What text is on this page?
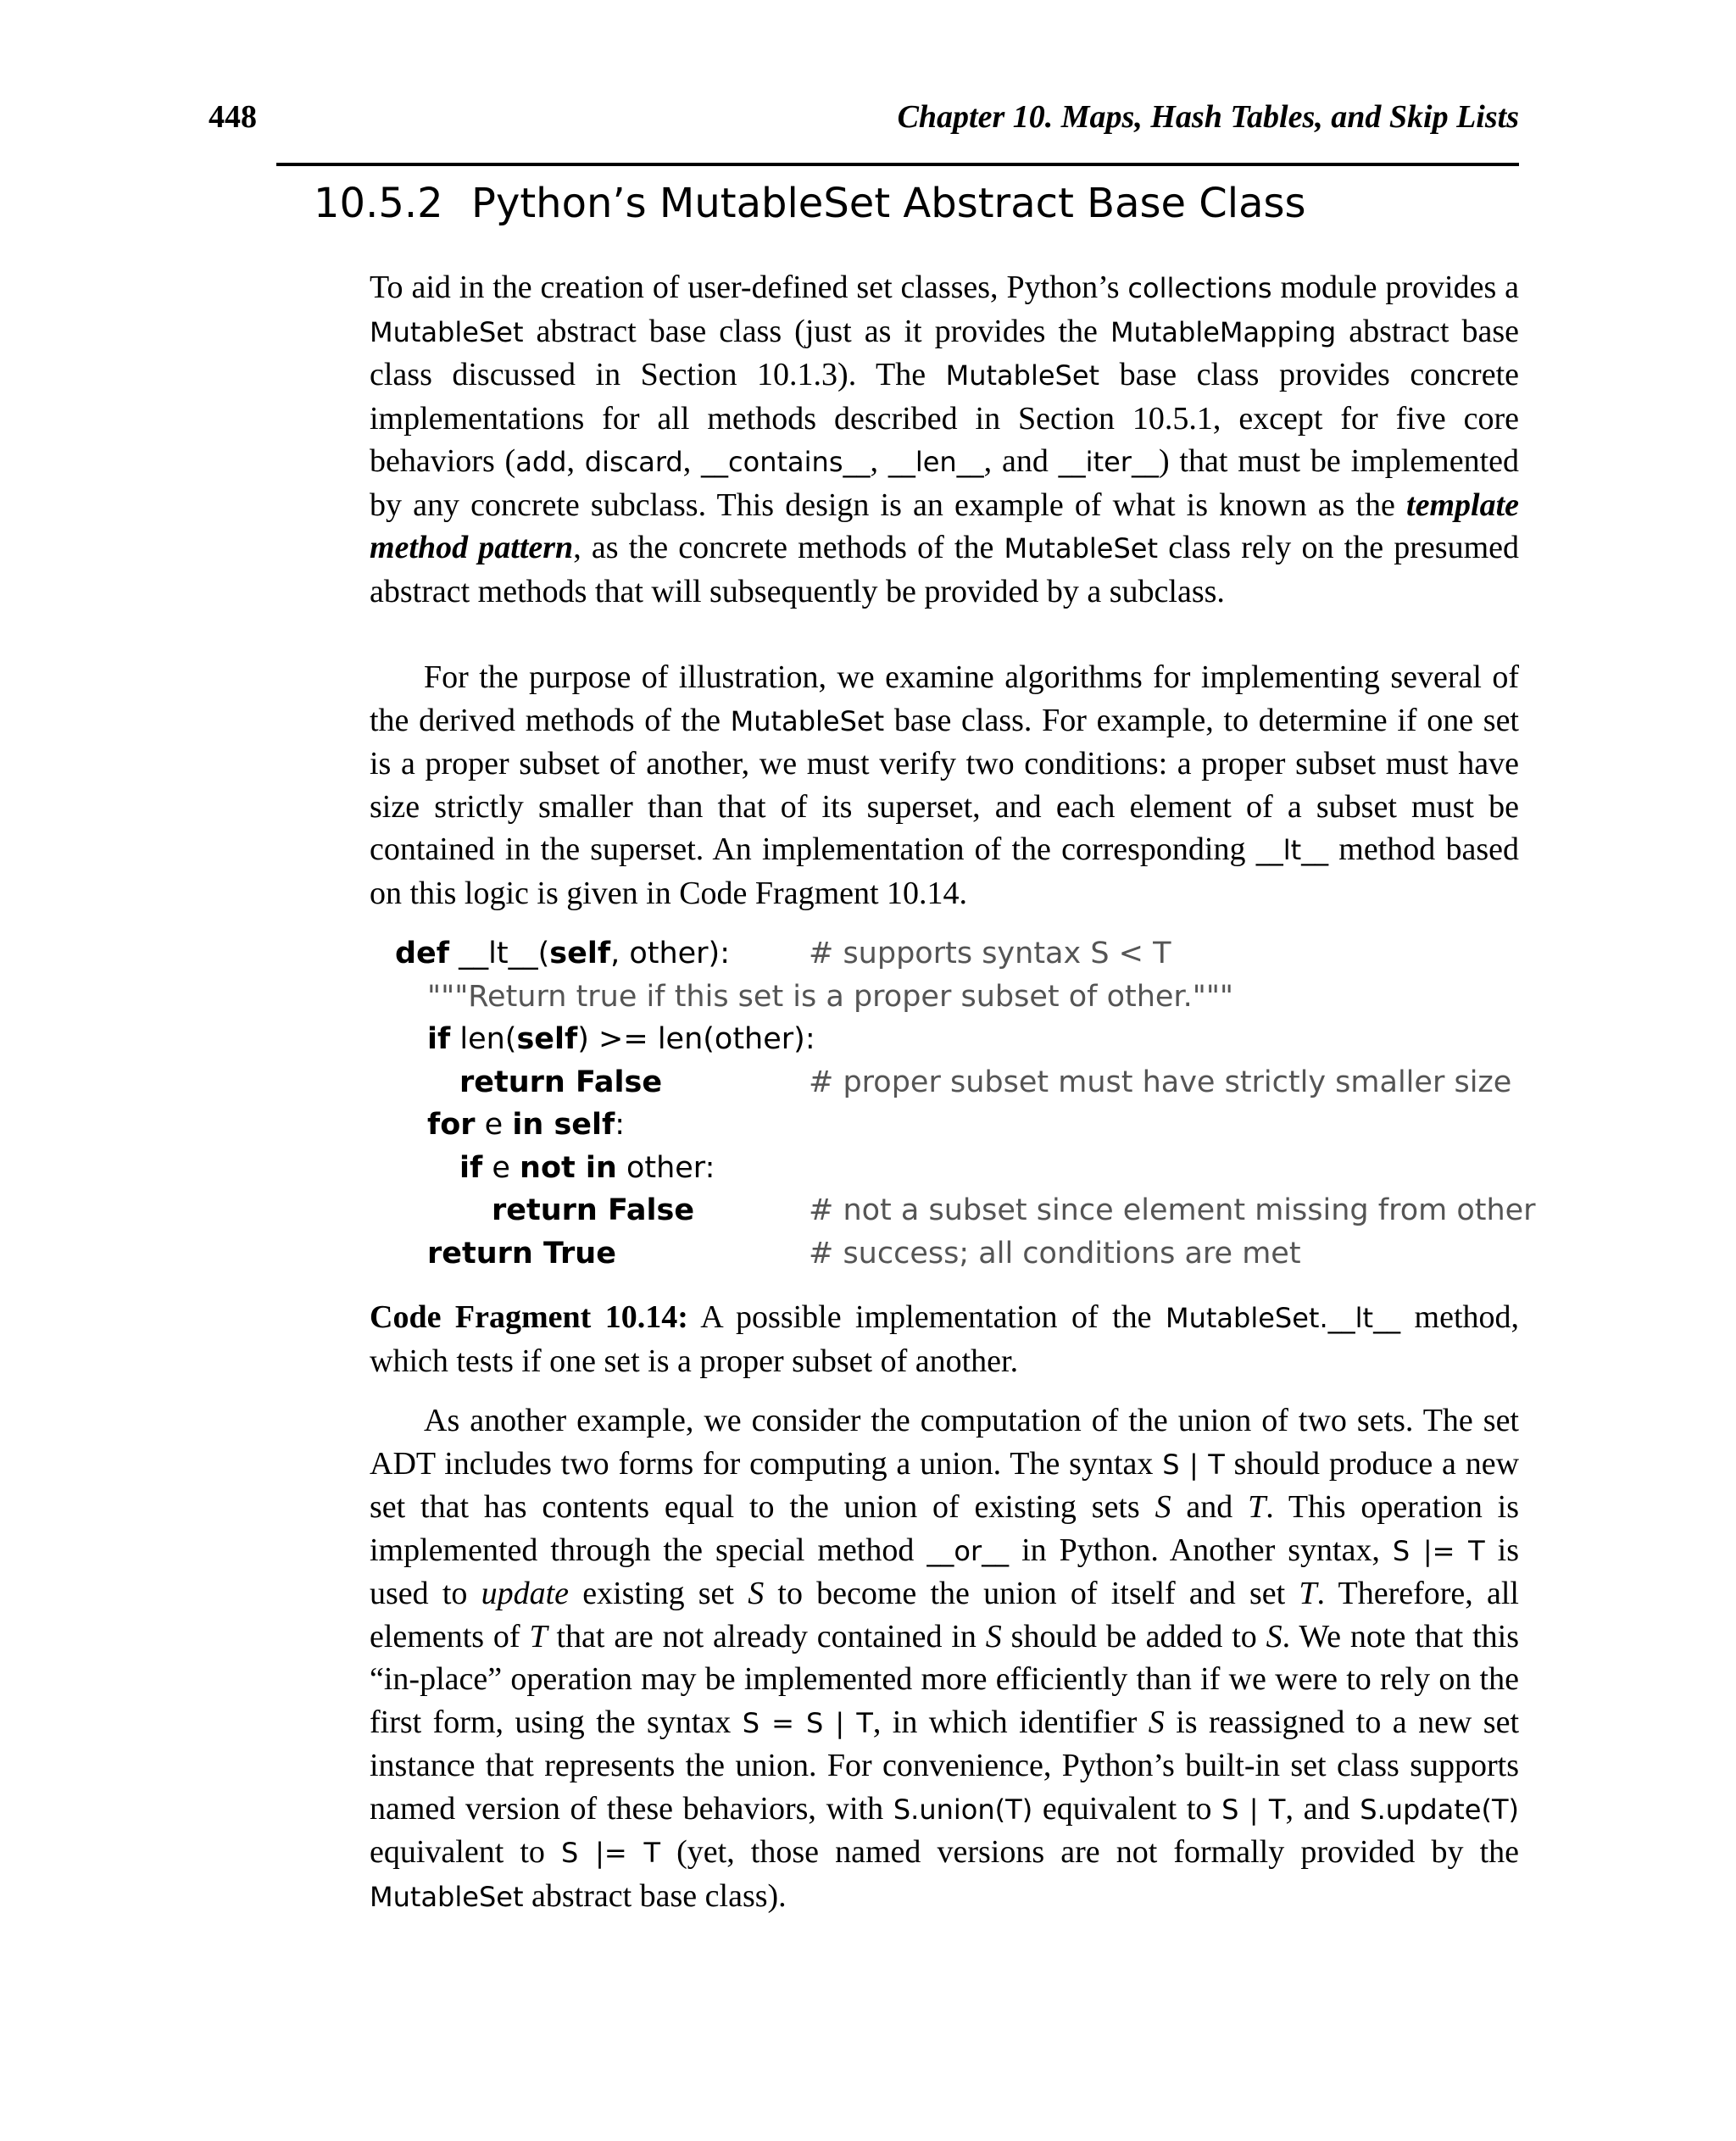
448	Chapter 10. Maps, Hash Tables, and Skip Lists
10.5.2 Python’s MutableSet Abstract Base Class

To aid in the creation of user-defined set classes, Python’s collections module provides a MutableSet abstract base class (just as it provides the MutableMapping abstract base class discussed in Section 10.1.3). The MutableSet base class provides concrete implementations for all methods described in Section 10.5.1, except for five core behaviors (add, discard, __contains__, __len__, and __iter__) that must be implemented by any concrete subclass. This design is an example of what is known as the template method pattern, as the concrete methods of the MutableSet class rely on the presumed abstract methods that will subsequently be provided by a subclass.

For the purpose of illustration, we examine algorithms for implementing several of the derived methods of the MutableSet base class. For example, to determine if one set is a proper subset of another, we must verify two conditions: a proper subset must have size strictly smaller than that of its superset, and each element of a subset must be contained in the superset. An implementation of the corresponding __lt__ method based on this logic is given in Code Fragment 10.14.

def __lt__(self, other):	# supports syntax S < T
"""Return true if this set is a proper subset of other."""
if len(self) >= len(other):
return False	# proper subset must have strictly smaller size
for e in self:
if e not in other:
return False	# not a subset since element missing from other
return True	# success; all conditions are met

Code Fragment 10.14: A possible implementation of the MutableSet.__lt__ method, which tests if one set is a proper subset of another.

As another example, we consider the computation of the union of two sets. The set ADT includes two forms for computing a union. The syntax S | T should produce a new set that has contents equal to the union of existing sets S and T. This operation is implemented through the special method __or__ in Python. Another syntax, S |= T is used to update existing set S to become the union of itself and set T. Therefore, all elements of T that are not already contained in S should be added to S. We note that this “in-place” operation may be implemented more efficiently than if we were to rely on the first form, using the syntax S = S | T, in which identifier S is reassigned to a new set instance that represents the union. For convenience, Python’s built-in set class supports named version of these behaviors, with S.union(T) equivalent to S | T, and S.update(T) equivalent to S |= T (yet, those named versions are not formally provided by the MutableSet abstract base class).
